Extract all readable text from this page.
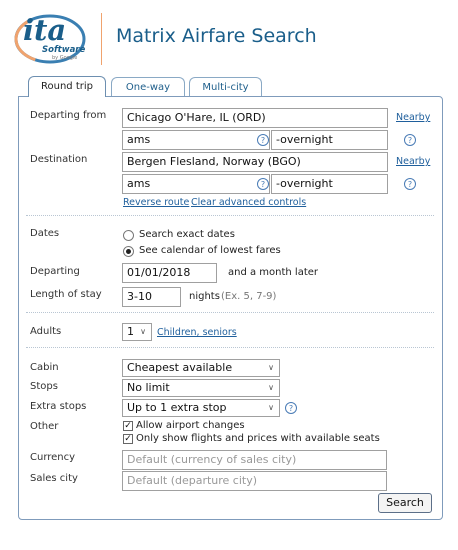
ita
Software
by Google
Matrix Airfare Search
Round trip	One-way	Multi-city
Departing from	Chicago O'Hare, IL (ORD)	Nearby
ams	? -overnight	?
Destination	Bergen Flesland, Norway (BGO)	Nearby
ams	? -overnight	?
Reverse route Clear advanced controls
Dates	Search exact dates
See calendar of lowest fares
Departing	01/01/2018	and a month later
Length of stay	3-10	nights (Ex. 5, 7-9)
Adults	1 ∨ Children, seniors
Cabin	Cheapest available	∨
Stops	No limit	∨
Extra stops	Up to 1 extra stop	∨	?
Other	✓ Allow airport changes
✓ Only show flights and prices with available seats
Currency	Default (currency of sales city)
Sales city	Default (departure city)
Search
